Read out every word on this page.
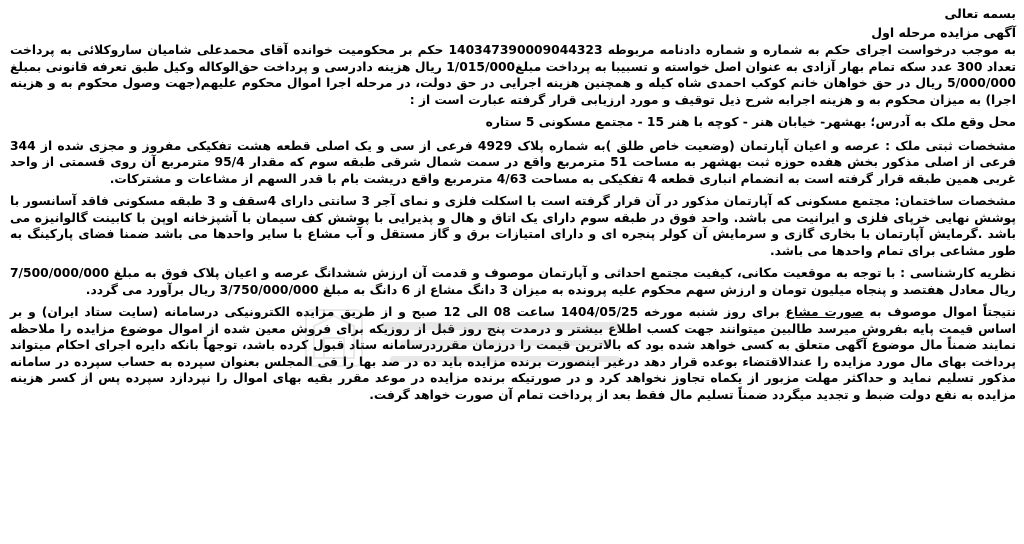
بسمه تعالی

آگهی مزایده مرحله اول

به موجب درخواست اجرای حکم به شماره و شماره دادنامه مربوطه 140347390009044323 حکم بر محکومیت خوانده آقای محمدعلی شامیان ساروکلائی به پرداخت تعداد 300 عدد سکه تمام بهار آزادی به عنوان اصل خواسته و تسبیبا به پرداخت مبلغ1/015/000 ریال هزینه دادرسی و پرداخت حق‌الوکاله وکیل طبق تعرفه قانونی بمبلغ 5/000/000 ریال در حق خواهان خانم کوکب احمدی شاه کیله و همچنین هزینه اجرایی در حق دولت، در مرحله اجرا اموال محکوم علیهم(جهت وصول محکوم به و هزینه اجرا) به میزان محکوم به و هزینه اجرابه شرح ذیل توقیف و مورد ارزیابی قرار گرفته عبارت است از :

محل وقع ملک به آدرس؛ بهشهر- خیابان هنر - کوچه با هنر 15 - مجتمع مسکونی 5 ستاره

مشخصات ثبتی ملک : عرصه و اعیان آپارتمان (وضعیت خاص طلق )به شماره پلاک 4929 فرعی از سی و یک اصلی قطعه هشت تفکیکی مفروز و مجزی شده از 344 فرعی از اصلی مذکور بخش هفده حوزه ثبت بهشهر به مساحت 51 مترمربع واقع در سمت شمال شرقی طبقه سوم که مقدار 95/4 مترمربع آن روی قسمتی از واحد غربی همین طبقه قرار گرفته است به انضمام انباری قطعه 4 تفکیکی به مساحت 4/63 مترمربع واقع دریشت بام با قدر السهم از مشاعات و مشترکات.

مشخصات ساختمان: مجتمع مسکونی که آپارتمان مذکور در آن قرار گرفته است با اسکلت فلزی و نمای آجر 3 سانتی دارای 4سقف و 3 طبقه مسکونی فاقد آسانسور با پوشش نهایی خرپای فلزی و ایرانیت می باشد. واحد فوق در طبقه سوم دارای یک اتاق و هال و پذیرایی با پوشش کف سیمان با آشپزخانه اوپن با کابینت گالوانیزه می باشد .گرمایش آپارتمان با بخاری گازی و سرمایش آن کولر پنجره ای و دارای امتیازات برق و گاز مستقل و آب مشاع با سایر واحدها می باشد ضمنا فضای پارکینگ به طور مشاعی برای تمام واحدها می باشد.

نظریه کارشناسی : با توجه به موقعیت مکانی، کیفیت مجتمع احداثی و آپارتمان موصوف و قدمت آن ارزش ششدانگ عرصه و اعیان پلاک فوق به مبلغ 7/500/000/000 ریال معادل هفتصد و پنجاه میلیون تومان و ارزش سهم محکوم علیه پرونده به میزان 3 دانگ مشاع از 6 دانگ به مبلغ 3/750/000/000 ریال برآورد می گردد.

نتیجتاً اموال موصوف به صورت مشاع برای روز شنبه مورخه 1404/05/25 ساعت 08 الی 12 صبح و از طریق مزایده الکترونیکی درسامانه (سایت ستاد ایران) و بر اساس قیمت پایه بفروش میرسد طالبین میتوانند جهت کسب اطلاع بیشتر و درمدت پنج روز قبل از روزیکه برای فروش معین شده از اموال موضوع مزایده را ملاحظه نمایند ضمناً مال موضوع آگهی متعلق به کسی خواهد شده بود که بالاترین قیمت را درزمان مقرردرسامانه ستاد قبول کرده باشد، توجهاً بانکه دایره اجرای احکام میتواند پرداخت بهای مال مورد مزایده را عندالاقتضاء بوعده قرار دهد درغیر اینصورت برنده مزایده باید ده در صد بها را فی المجلس بعنوان سپرده به حساب سپرده در سامانه مذکور تسلیم نماید و حداکثر مهلت مزبور از یکماه تجاوز نخواهد کرد و در صورتیکه برنده مزایده در موعد مقرر بقیه بهای اموال را نپردازد سپرده پس از کسر هزینه مزایده به نفع دولت ضبط و تجدید میگردد ضمناً تسلیم مال فقط بعد از پرداخت تمام آن صورت خواهد گرفت.
